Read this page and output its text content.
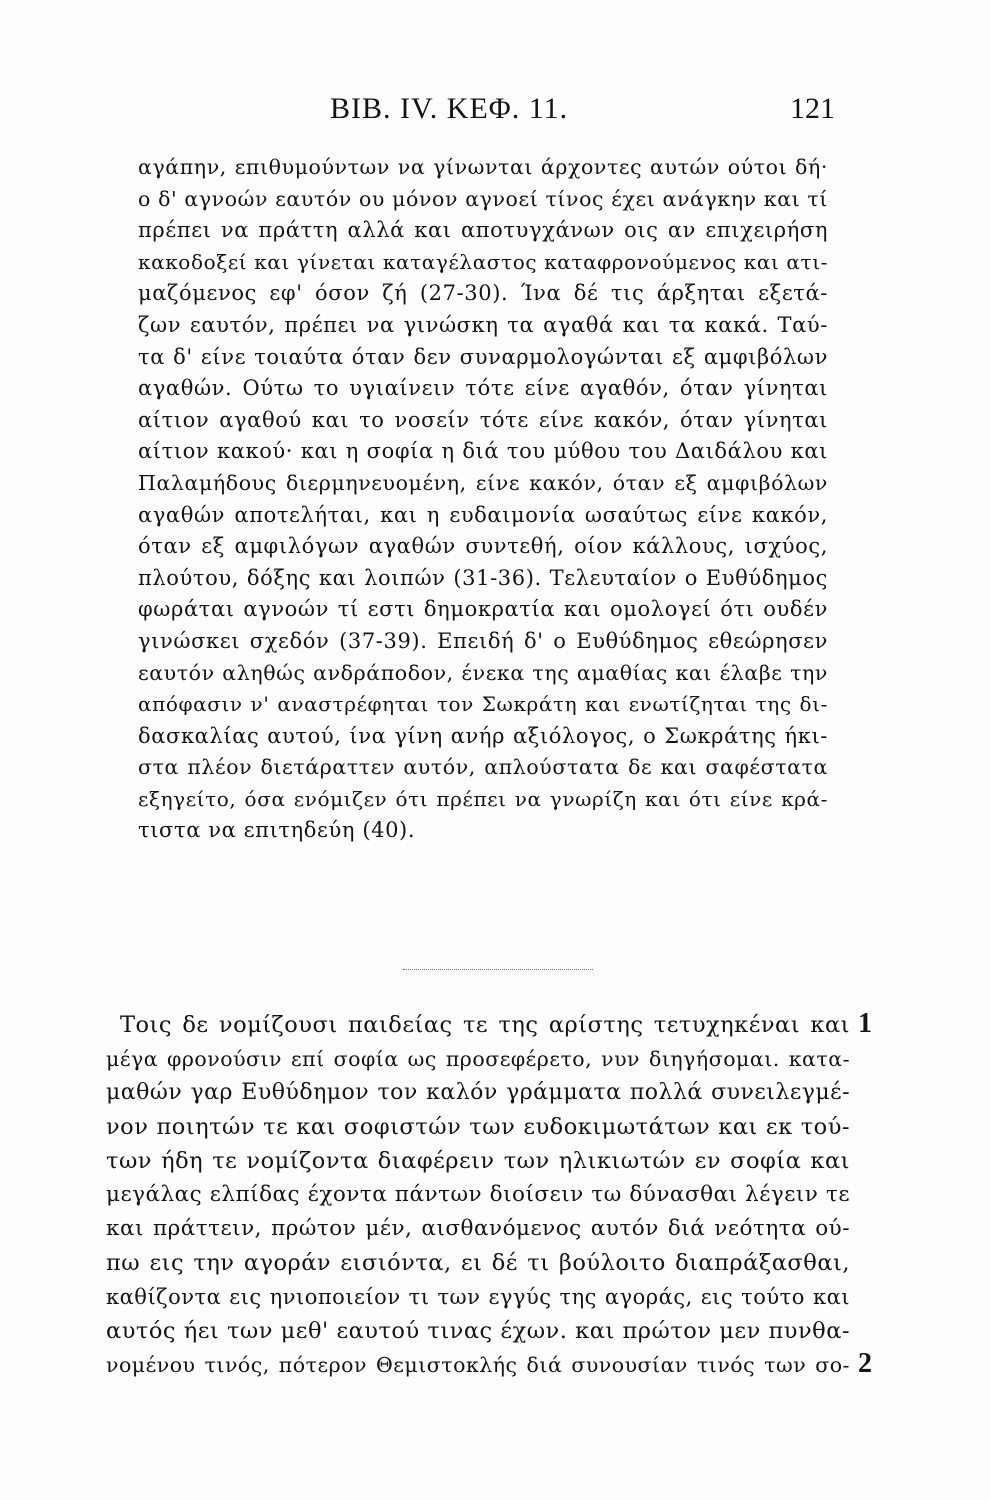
ΒΙΒ. IV. ΚΕΦ. 11.	121
αγάπην, επιθυμούντων να γίνωνται άρχοντες αυτών ούτοι δή·
ο δ' αγνοών εαυτόν ου μόνον αγνοεί τίνος έχει ανάγκην και τί
πρέπει να πράττη αλλά και αποτυγχάνων οις αν επιχειρήση
κακοδοξεί και γίνεται καταγέλαστος καταφρονούμενος και ατι-
μαζόμενος εφ' όσον ζή (27-30). Ίνα δέ τις άρξηται εξετά-
ζων εαυτόν, πρέπει να γινώσκη τα αγαθά και τα κακά. Ταύ-
τα δ' είνε τοιαύτα όταν δεν συναρμολογώνται εξ αμφιβόλων
αγαθών. Ούτω το υγιαίνειν τότε είνε αγαθόν, όταν γίνηται
αίτιον αγαθού και το νοσείν τότε είνε κακόν, όταν γίνηται
αίτιον κακού· και η σοφία η διά του μύθου του Δαιδάλου και
Παλαμήδους διερμηνευομένη, είνε κακόν, όταν εξ αμφιβόλων
αγαθών αποτελήται, και η ευδαιμονία ωσαύτως είνε κακόν,
όταν εξ αμφιλόγων αγαθών συντεθή, οίον κάλλους, ισχύος,
πλούτου, δόξης και λοιπών (31-36). Τελευταίον ο Ευθύδημος
φωράται αγνοών τί εστι δημοκρατία και ομολογεί ότι ουδέν
γινώσκει σχεδόν (37-39). Επειδή δ' ο Ευθύδημος εθεώρησεν
εαυτόν αληθώς ανδράποδον, ένεκα της αμαθίας και έλαβε την
απόφασιν ν' αναστρέφηται τον Σωκράτη και ενωτίζηται της δι-
δασκαλίας αυτού, ίνα γίνη ανήρ αξιόλογος, ο Σωκράτης ήκι-
στα πλέον διετάραττεν αυτόν, απλούστατα δε και σαφέστατα
εξηγείτο, όσα ενόμιζεν ότι πρέπει να γνωρίζη και ότι είνε κρά-
τιστα να επιτηδεύη (40).
Τοις δε νομίζουσι παιδείας τε της αρίστης τετυχηκέναι και
μέγα φρονούσιν επί σοφία ως προσεφέρετο, νυν διηγήσομαι. κατα-
μαθών γαρ Ευθύδημον τον καλόν γράμματα πολλά συνειλεγμέ-
νον ποιητών τε και σοφιστών των ευδοκιμωτάτων και εκ τού-
των ήδη τε νομίζοντα διαφέρειν των ηλικιωτών εν σοφία και
μεγάλας ελπίδας έχοντα πάντων διοίσειν τω δύνασθαι λέγειν τε
και πράττειν, πρώτον μέν, αισθανόμενος αυτόν διά νεότητα ού-
πω εις την αγοράν εισιόντα, ει δέ τι βούλοιτο διαπράξασθαι,
καθίζοντα εις ηνιοποιείον τι των εγγύς της αγοράς, εις τούτο και
αυτός ήει των μεθ' εαυτού τινας έχων. και πρώτον μεν πυνθα-
νομένου τινός, πότερον Θεμιστοκλής διά συνουσίαν τινός των σο-
1
2
